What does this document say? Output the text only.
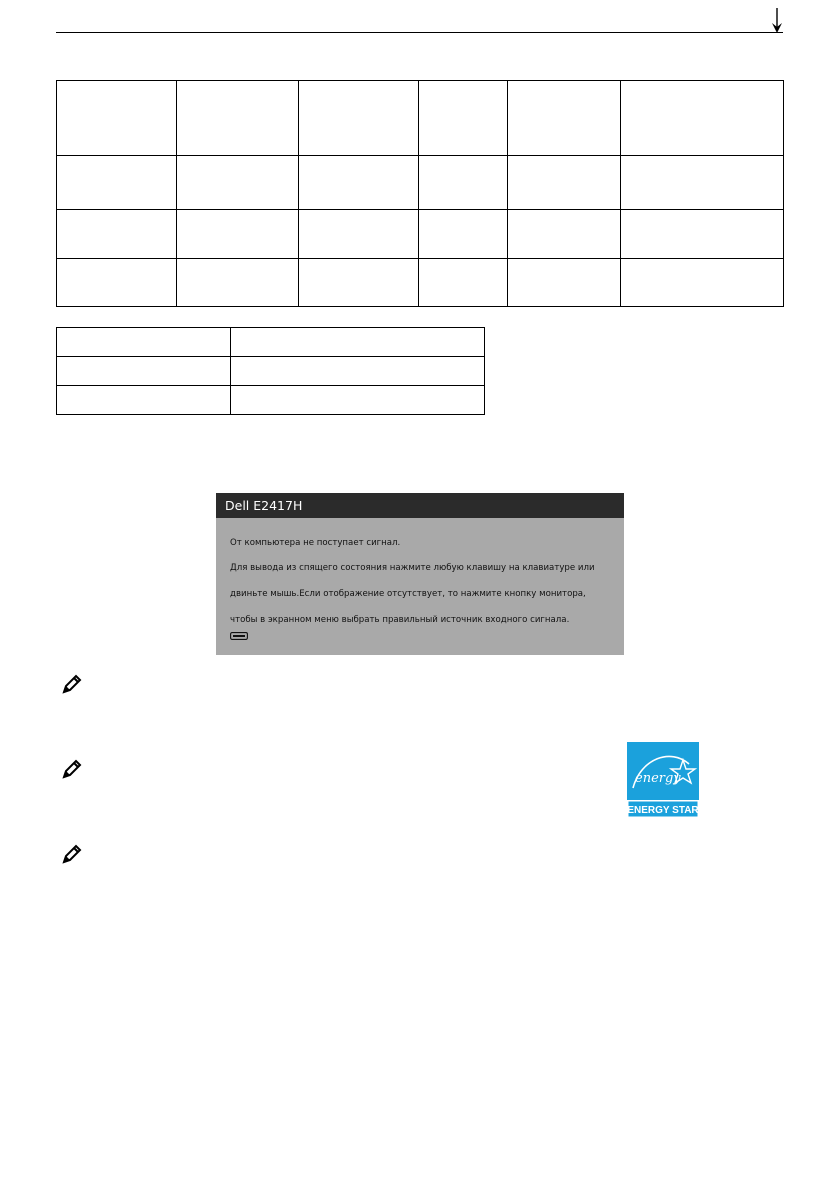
Dell E2417H
От компьютера не поступает сигнал.
Для вывода из спящего состояния нажмите любую клавишу на клавиатуре или
двиньте мышь.Если отображение отсутствует, то нажмите кнопку монитора,
чтобы в экранном меню выбрать правильный источник входного сигнала.
energy
ENERGY STAR
